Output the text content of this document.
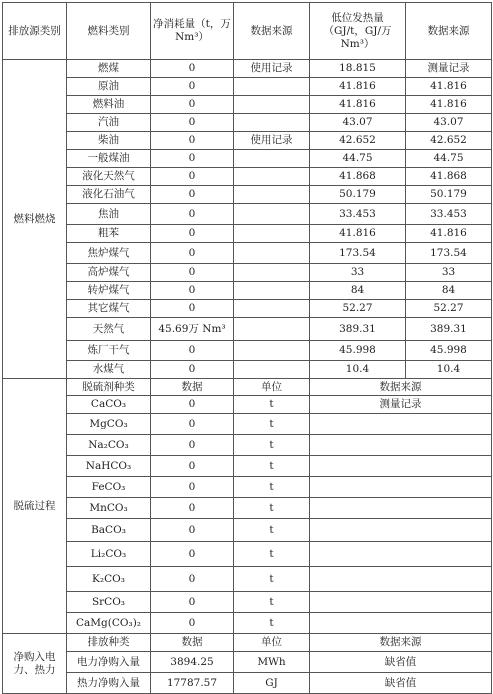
排放源类别	燃料类别	净消耗量（t，万 Nm³）	数据来源	低位发热量（GJ/t，GJ/万 Nm³）	数据来源
燃料燃烧	燃煤	0	使用记录	18.815	测量记录
	原油	0		41.816	41.816
	燃料油	0		41.816	41.816
	汽油	0		43.07	43.07
	柴油	0	使用记录	42.652	42.652
	一般煤油	0		44.75	44.75
	液化天然气	0		41.868	41.868
	液化石油气	0		50.179	50.179
	焦油	0		33.453	33.453
	粗苯	0		41.816	41.816
	焦炉煤气	0		173.54	173.54
	高炉煤气	0		33	33
	转炉煤气	0		84	84
	其它煤气	0		52.27	52.27
	天然气	45.69万 Nm³		389.31	389.31
	炼厂干气	0		45.998	45.998
	水煤气	0		10.4	10.4
脱硫过程	脱硫剂种类	数据	单位	数据来源	
	CaCO₃	0	t	测量记录	
	MgCO₃	0	t		
	Na₂CO₃	0	t		
	NaHCO₃	0	t		
	FeCO₃	0	t		
	MnCO₃	0	t		
	BaCO₃	0	t		
	Li₂CO₃	0	t		
	K₂CO₃	0	t		
	SrCO₃	0	t		
	CaMg(CO₃)₂	0	t		
净购入电力、热力	排放种类	数据	单位	数据来源	
	电力净购入量	3894.25	MWh	缺省值	
	热力净购入量	17787.57	GJ	缺省值	
